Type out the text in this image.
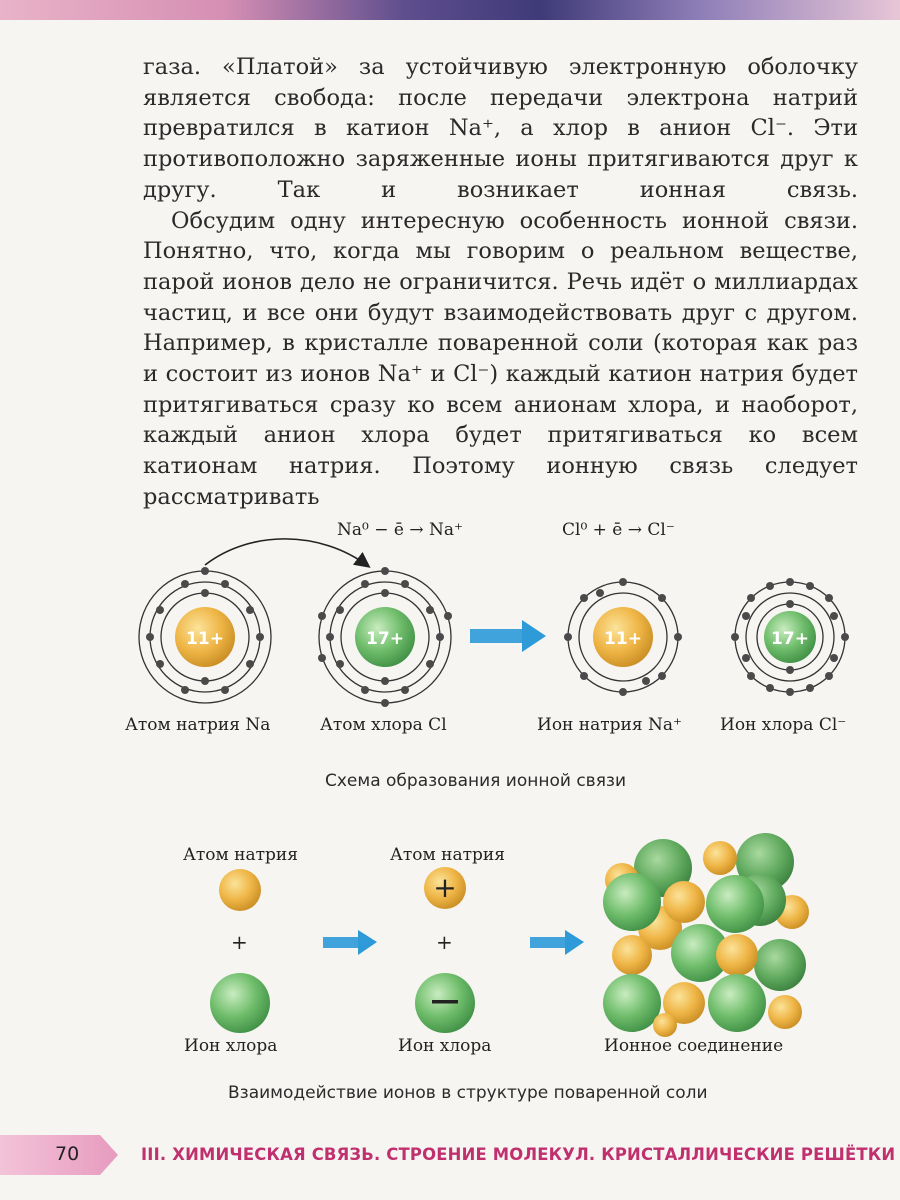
газа. «Платой» за устойчивую электронную оболочку является свобода: после передачи электрона натрий превратился в катион Na⁺, а хлор в анион Cl⁻. Эти противоположно заряженные ионы притягиваются друг к другу. Так и возникает ионная связь.

Обсудим одну интересную особенность ионной связи. Понятно, что, когда мы говорим о реальном веществе, парой ионов дело не ограничится. Речь идёт о миллиардах частиц, и все они будут взаимодействовать друг с другом. Например, в кристалле поваренной соли (которая как раз и состоит из ионов Na⁺ и Cl⁻) каждый катион натрия будет притягиваться сразу ко всем анионам хлора, и наоборот, каждый анион хлора будет притягиваться ко всем катионам натрия. Поэтому ионную связь следует рассматривать

11+	17+	11+	17+
+
Na⁰ − ē → Na⁺	Cl⁰ + ē → Cl⁻
Атом натрия Na	Атом хлора Cl	Ион натрия Na⁺ Ион хлора Cl⁻
Схема образования ионной связи
Атом натрия	Атом натрия
+	+
Ион хлора	Ион хлора	Ионное соединение
Взаимодействие ионов в структуре поваренной соли
70	III. ХИМИЧЕСКАЯ СВЯЗЬ. СТРОЕНИЕ МОЛЕКУЛ. КРИСТАЛЛИЧЕСКИЕ РЕШЁТКИ
